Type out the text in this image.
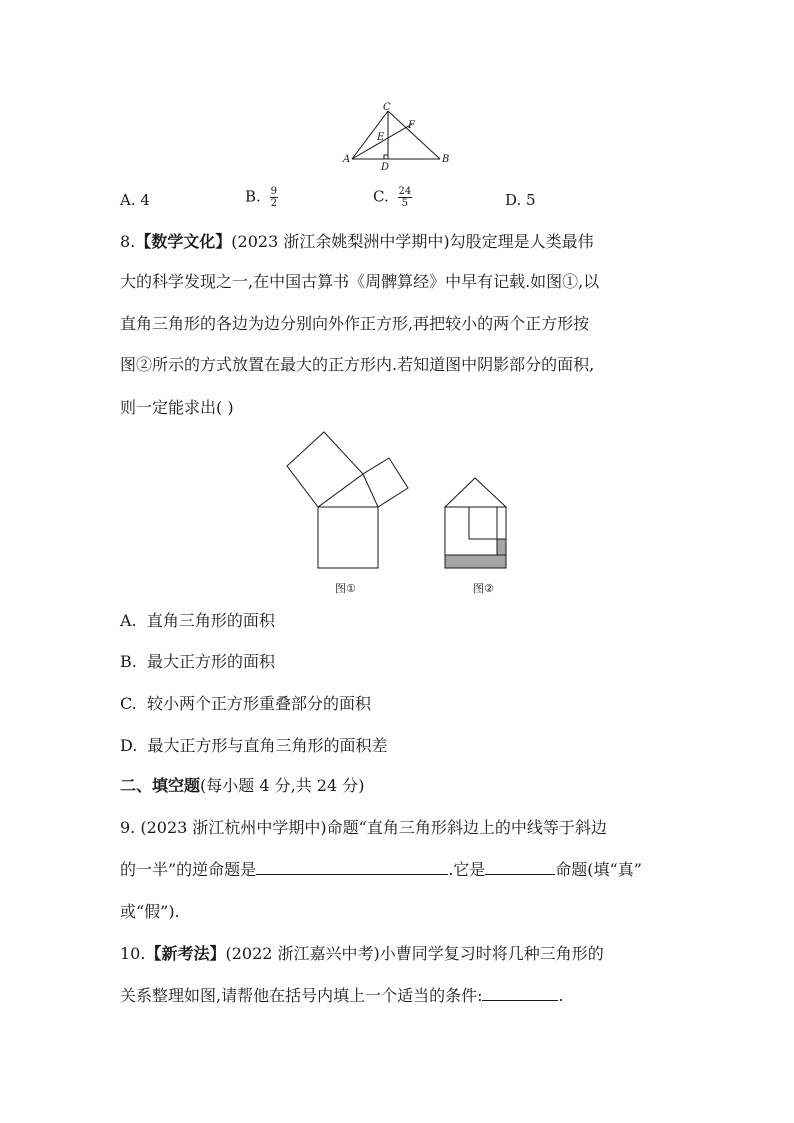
C
F
E
A
D
B
A. 4	B. $\frac{9}{2}$	C. $\frac{24}{5}$	D. 5
8.【数学文化】(2023 浙江余姚梨洲中学期中)勾股定理是人类最伟
大的科学发现之一,在中国古算书《周髀算经》中早有记载.如图①,以
直角三角形的各边为边分别向外作正方形,再把较小的两个正方形按
图②所示的方式放置在最大的正方形内.若知道图中阴影部分的面积,
则一定能求出( )
图①	图②
A. 直角三角形的面积
B. 最大正方形的面积
C. 较小两个正方形重叠部分的面积
D. 最大正方形与直角三角形的面积差
二、填空题(每小题 4 分,共 24 分)
9. (2023 浙江杭州中学期中)命题“直角三角形斜边上的中线等于斜边
的一半”的逆命题是	.它是	命题(填“真”
或“假”).
10.【新考法】(2022 浙江嘉兴中考)小曹同学复习时将几种三角形的
关系整理如图,请帮他在括号内填上一个适当的条件:	.
